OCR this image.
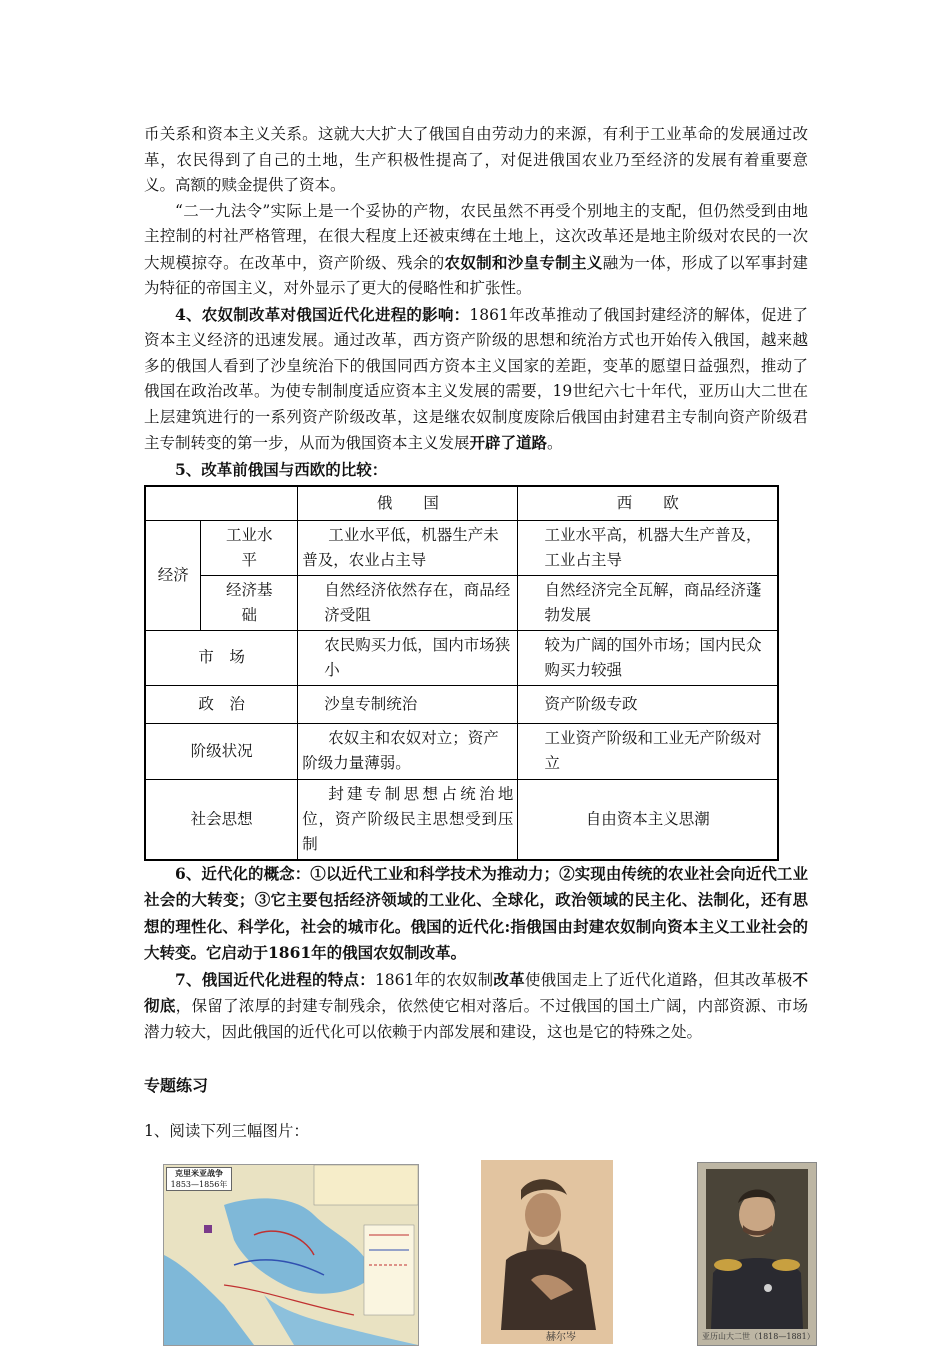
币关系和资本主义关系。这就大大扩大了俄国自由劳动力的来源，有利于工业革命的发展通过改革，农民得到了自己的土地，生产积极性提高了，对促进俄国农业乃至经济的发展有着重要意义。高额的赎金提供了资本。

“二一九法令”实际上是一个妥协的产物，农民虽然不再受个别地主的支配，但仍然受到由地主控制的村社严格管理，在很大程度上还被束缚在土地上，这次改革还是地主阶级对农民的一次大规模掠夺。在改革中，资产阶级、残余的农奴制和沙皇专制主义融为一体，形成了以军事封建为特征的帝国主义，对外显示了更大的侵略性和扩张性。

4、农奴制改革对俄国近代化进程的影响：1861年改革推动了俄国封建经济的解体，促进了资本主义经济的迅速发展。通过改革，西方资产阶级的思想和统治方式也开始传入俄国，越来越多的俄国人看到了沙皇统治下的俄国同西方资本主义国家的差距，变革的愿望日益强烈，推动了俄国在政治改革。为使专制制度适应资本主义发展的需要，19世纪六七十年代，亚历山大二世在上层建筑进行的一系列资产阶级改革，这是继农奴制度废除后俄国由封建君主专制向资产阶级君主专制转变的第一步，从而为俄国资本主义发展开辟了道路。

5、改革前俄国与西欧的比较：

		俄　　国	西　　欧
经济	工业水平	工业水平低，机器生产未普及，农业占主导	工业水平高，机器大生产普及，工业占主导
	经济基础	自然经济依然存在，商品经济受阻	自然经济完全瓦解，商品经济蓬勃发展
市　场		农民购买力低，国内市场狭小	较为广阔的国外市场；国内民众购买力较强
政　治		沙皇专制统治	资产阶级专政
阶级状况		农奴主和农奴对立；资产阶级力量薄弱。	工业资产阶级和工业无产阶级对立
社会思想		封建专制思想占统治地位，资产阶级民主思想受到压制	自由资本主义思潮

6、近代化的概念：①以近代工业和科学技术为推动力；②实现由传统的农业社会向近代工业社会的大转变；③它主要包括经济领域的工业化、全球化，政治领域的民主化、法制化，还有思想的理性化、科学化，社会的城市化。俄国的近代化:指俄国由封建农奴制向资本主义工业社会的大转变。它启动于1861年的俄国农奴制改革。

7、俄国近代化进程的特点：1861年的农奴制改革使俄国走上了近代化道路，但其改革极不彻底，保留了浓厚的封建专制残余，依然使它相对落后。不过俄国的国土广阔，内部资源、市场潜力较大，因此俄国的近代化可以依赖于内部发展和建设，这也是它的特殊之处。

专题练习

1、阅读下列三幅图片：

克里米亚战争
1853—1856年
赫尔岑	亚历山大二世（1818—1881）
